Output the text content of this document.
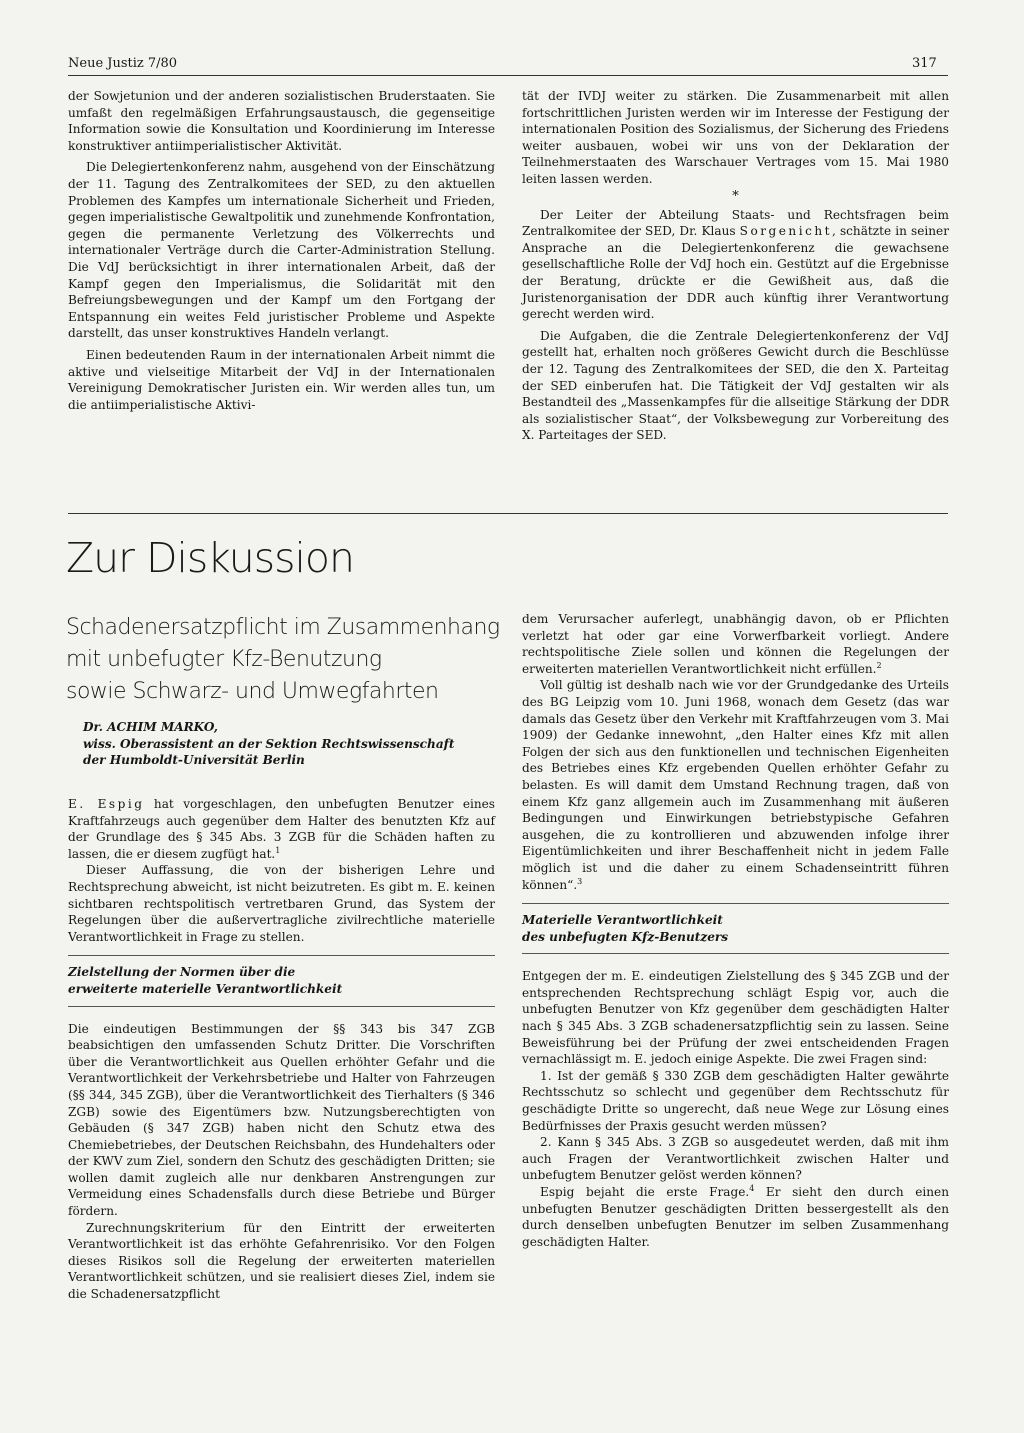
Neue Justiz 7/80	317

der Sowjetunion und der anderen sozialistischen Bruderstaaten. Sie umfaßt den regelmäßigen Erfahrungsaustausch, die gegenseitige Information sowie die Konsultation und Koordinierung im Interesse konstruktiver antiimperialistischer Aktivität.

Die Delegiertenkonferenz nahm, ausgehend von der Einschätzung der 11. Tagung des Zentralkomitees der SED, zu den aktuellen Problemen des Kampfes um internationale Sicherheit und Frieden, gegen imperialistische Gewaltpolitik und zunehmende Konfrontation, gegen die permanente Verletzung des Völkerrechts und internationaler Verträge durch die Carter-Administration Stellung. Die VdJ berücksichtigt in ihrer internationalen Arbeit, daß der Kampf gegen den Imperialismus, die Solidarität mit den Befreiungsbewegungen und der Kampf um den Fortgang der Entspannung ein weites Feld juristischer Probleme und Aspekte darstellt, das unser konstruktives Handeln verlangt.

Einen bedeutenden Raum in der internationalen Arbeit nimmt die aktive und vielseitige Mitarbeit der VdJ in der Internationalen Vereinigung Demokratischer Juristen ein. Wir werden alles tun, um die antiimperialistische Aktivi-

tät der IVDJ weiter zu stärken. Die Zusammenarbeit mit allen fortschrittlichen Juristen werden wir im Interesse der Festigung der internationalen Position des Sozialismus, der Sicherung des Friedens weiter ausbauen, wobei wir uns von der Deklaration der Teilnehmerstaaten des Warschauer Vertrages vom 15. Mai 1980 leiten lassen werden.

*

Der Leiter der Abteilung Staats- und Rechtsfragen beim Zentralkomitee der SED, Dr. Klaus Sorgenicht, schätzte in seiner Ansprache an die Delegiertenkonferenz die gewachsene gesellschaftliche Rolle der VdJ hoch ein. Gestützt auf die Ergebnisse der Beratung, drückte er die Gewißheit aus, daß die Juristenorganisation der DDR auch künftig ihrer Verantwortung gerecht werden wird.

Die Aufgaben, die die Zentrale Delegiertenkonferenz der VdJ gestellt hat, erhalten noch größeres Gewicht durch die Beschlüsse der 12. Tagung des Zentralkomitees der SED, die den X. Parteitag der SED einberufen hat. Die Tätigkeit der VdJ gestalten wir als Bestandteil des „Massenkampfes für die allseitige Stärkung der DDR als sozialistischer Staat“, der Volksbewegung zur Vorbereitung des X. Parteitages der SED.

Zur Diskussion
Schadenersatzpflicht im Zusammenhang
mit unbefugter Kfz-Benutzung
sowie Schwarz- und Umwegfahrten
Dr. ACHIM MARKO,
wiss. Oberassistent an der Sektion Rechtswissenschaft
der Humboldt-Universität Berlin

E. Espig hat vorgeschlagen, den unbefugten Benutzer eines Kraftfahrzeugs auch gegenüber dem Halter des benutzten Kfz auf der Grundlage des § 345 Abs. 3 ZGB für die Schäden haften zu lassen, die er diesem zugfügt hat.$^1$

Dieser Auffassung, die von der bisherigen Lehre und Rechtsprechung abweicht, ist nicht beizutreten. Es gibt m. E. keinen sichtbaren rechtspolitisch vertretbaren Grund, das System der Regelungen über die außervertragliche zivilrechtliche materielle Verantwortlichkeit in Frage zu stellen.

Zielstellung der Normen über die
erweiterte materielle Verantwortlichkeit

Die eindeutigen Bestimmungen der §§ 343 bis 347 ZGB beabsichtigen den umfassenden Schutz Dritter. Die Vorschriften über die Verantwortlichkeit aus Quellen erhöhter Gefahr und die Verantwortlichkeit der Verkehrsbetriebe und Halter von Fahrzeugen (§§ 344, 345 ZGB), über die Verantwortlichkeit des Tierhalters (§ 346 ZGB) sowie des Eigentümers bzw. Nutzungsberechtigten von Gebäuden (§ 347 ZGB) haben nicht den Schutz etwa des Chemiebetriebes, der Deutschen Reichsbahn, des Hundehalters oder der KWV zum Ziel, sondern den Schutz des geschädigten Dritten; sie wollen damit zugleich alle nur denkbaren Anstrengungen zur Vermeidung eines Schadensfalls durch diese Betriebe und Bürger fördern.

Zurechnungskriterium für den Eintritt der erweiterten Verantwortlichkeit ist das erhöhte Gefahrenrisiko. Vor den Folgen dieses Risikos soll die Regelung der erweiterten materiellen Verantwortlichkeit schützen, und sie realisiert dieses Ziel, indem sie die Schadenersatzpflicht

dem Verursacher auferlegt, unabhängig davon, ob er Pflichten verletzt hat oder gar eine Vorwerfbarkeit vorliegt. Andere rechtspolitische Ziele sollen und können die Regelungen der erweiterten materiellen Verantwortlichkeit nicht erfüllen.$^2$

Voll gültig ist deshalb nach wie vor der Grundgedanke des Urteils des BG Leipzig vom 10. Juni 1968, wonach dem Gesetz (das war damals das Gesetz über den Verkehr mit Kraftfahrzeugen vom 3. Mai 1909) der Gedanke innewohnt, „den Halter eines Kfz mit allen Folgen der sich aus den funktionellen und technischen Eigenheiten des Betriebes eines Kfz ergebenden Quellen erhöhter Gefahr zu belasten. Es will damit dem Umstand Rechnung tragen, daß von einem Kfz ganz allgemein auch im Zusammenhang mit äußeren Bedingungen und Einwirkungen betriebstypische Gefahren ausgehen, die zu kontrollieren und abzuwenden infolge ihrer Eigentümlichkeiten und ihrer Beschaffenheit nicht in jedem Falle möglich ist und die daher zu einem Schadenseintritt führen können“.$^3$

Materielle Verantwortlichkeit
des unbefugten Kfz-Benutzers

Entgegen der m. E. eindeutigen Zielstellung des § 345 ZGB und der entsprechenden Rechtsprechung schlägt Espig vor, auch die unbefugten Benutzer von Kfz gegenüber dem geschädigten Halter nach § 345 Abs. 3 ZGB schadenersatzpflichtig sein zu lassen. Seine Beweisführung bei der Prüfung der zwei entscheidenden Fragen vernachlässigt m. E. jedoch einige Aspekte. Die zwei Fragen sind:

1. Ist der gemäß § 330 ZGB dem geschädigten Halter gewährte Rechtsschutz so schlecht und gegenüber dem Rechtsschutz für geschädigte Dritte so ungerecht, daß neue Wege zur Lösung eines Bedürfnisses der Praxis gesucht werden müssen?

2. Kann § 345 Abs. 3 ZGB so ausgedeutet werden, daß mit ihm auch Fragen der Verantwortlichkeit zwischen Halter und unbefugtem Benutzer gelöst werden können?

Espig bejaht die erste Frage.$^4$ Er sieht den durch einen unbefugten Benutzer geschädigten Dritten bessergestellt als den durch denselben unbefugten Benutzer im selben Zusammenhang geschädigten Halter.
